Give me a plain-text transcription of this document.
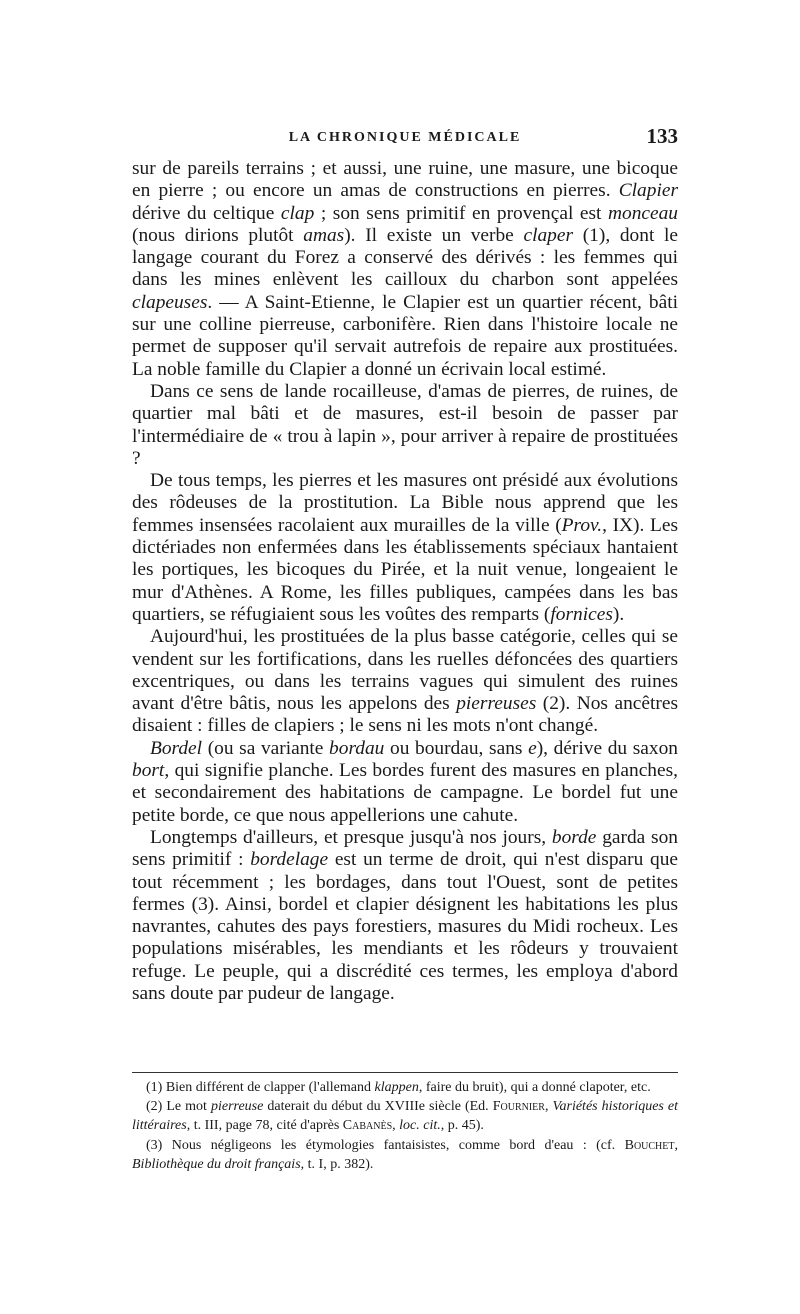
LA CHRONIQUE MÉDICALE	133

sur de pareils terrains ; et aussi, une ruine, une masure, une bicoque en pierre ; ou encore un amas de constructions en pierres. Clapier dérive du celtique clap ; son sens primitif en provençal est monceau (nous dirions plutôt amas). Il existe un verbe claper (1), dont le langage courant du Forez a conservé des dérivés : les femmes qui dans les mines enlèvent les cailloux du charbon sont appelées clapeuses. — A Saint-Etienne, le Clapier est un quartier récent, bâti sur une colline pierreuse, carbonifère. Rien dans l'histoire locale ne permet de supposer qu'il servait autrefois de repaire aux prostituées. La noble famille du Clapier a donné un écrivain local estimé.

Dans ce sens de lande rocailleuse, d'amas de pierres, de ruines, de quartier mal bâti et de masures, est-il besoin de passer par l'intermédiaire de « trou à lapin », pour arriver à repaire de prostituées ?

De tous temps, les pierres et les masures ont présidé aux évolutions des rôdeuses de la prostitution. La Bible nous apprend que les femmes insensées racolaient aux murailles de la ville (Prov., IX). Les dictériades non enfermées dans les établissements spéciaux hantaient les portiques, les bicoques du Pirée, et la nuit venue, longeaient le mur d'Athènes. A Rome, les filles publiques, campées dans les bas quartiers, se réfugiaient sous les voûtes des remparts (fornices).

Aujourd'hui, les prostituées de la plus basse catégorie, celles qui se vendent sur les fortifications, dans les ruelles défoncées des quartiers excentriques, ou dans les terrains vagues qui simulent des ruines avant d'être bâtis, nous les appelons des pierreuses (2). Nos ancêtres disaient : filles de clapiers ; le sens ni les mots n'ont changé.

Bordel (ou sa variante bordau ou bourdau, sans e), dérive du saxon bort, qui signifie planche. Les bordes furent des masures en planches, et secondairement des habitations de campagne. Le bordel fut une petite borde, ce que nous appellerions une cahute.

Longtemps d'ailleurs, et presque jusqu'à nos jours, borde garda son sens primitif : bordelage est un terme de droit, qui n'est disparu que tout récemment ; les bordages, dans tout l'Ouest, sont de petites fermes (3). Ainsi, bordel et clapier désignent les habitations les plus navrantes, cahutes des pays forestiers, masures du Midi rocheux. Les populations misérables, les mendiants et les rôdeurs y trouvaient refuge. Le peuple, qui a discrédité ces termes, les employa d'abord sans doute par pudeur de langage.

(1) Bien différent de clapper (l'allemand klappen, faire du bruit), qui a donné clapoter, etc.

(2) Le mot pierreuse daterait du début du XVIIIe siècle (Ed. Fournier, Variétés historiques et littéraires, t. III, page 78, cité d'après Cabanès, loc. cit., p. 45).

(3) Nous négligeons les étymologies fantaisistes, comme bord d'eau : (cf. Bouchet, Bibliothèque du droit français, t. I, p. 382).
